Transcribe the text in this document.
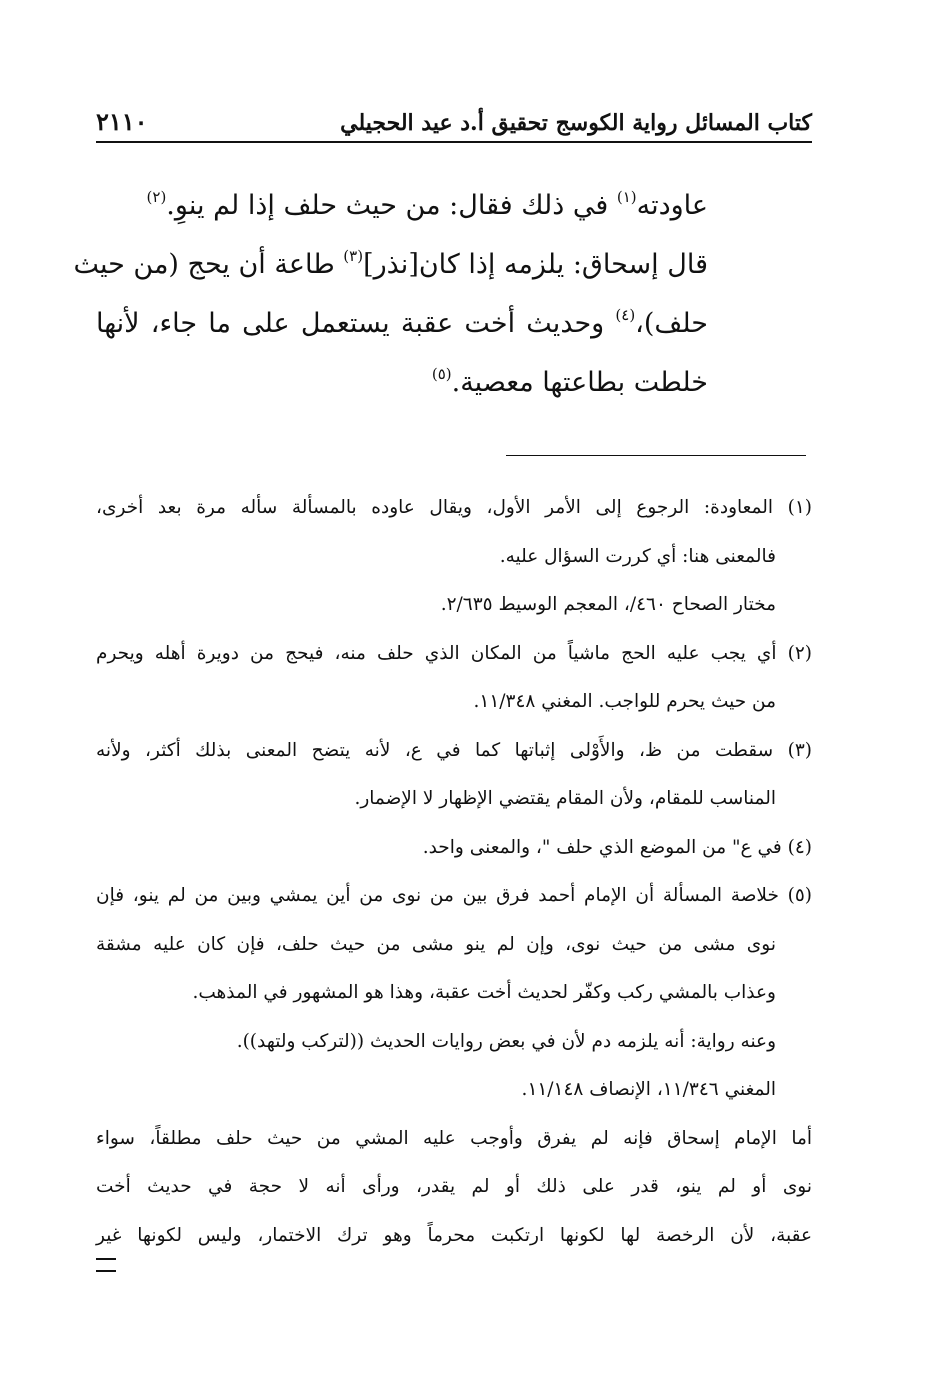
٢١١٠	كتاب المسائل رواية الكوسج تحقيق أ.د عيد الحجيلي
عاودته$^{(١)}$ في ذلك فقال: من حيث حلف إذا لم ينوِ.$^{(٢)}$
قال إسحاق: يلزمه إذا كان[نذر]$^{(٣)}$ طاعة أن يحج (من حيث
حلف)،$^{(٤)}$ وحديث أخت عقبة يستعمل على ما جاء، لأنها
خلطت بطاعتها معصية.$^{(٥)}$
(١) المعاودة: الرجوع إلى الأمر الأول، ويقال عاوده بالمسألة سأله مرة بعد أخرى،
فالمعنى هنا: أي كررت السؤال عليه.
مختار الصحاح ٤٦٠/، المعجم الوسيط ٢/٦٣٥.
(٢) أي يجب عليه الحج ماشياً من المكان الذي حلف منه، فيحج من دويرة أهله ويحرم
من حيث يحرم للواجب. المغني ١١/٣٤٨.
(٣) سقطت من ظ، والأَوْلى إثباتها كما في ع، لأنه يتضح المعنى بذلك أكثر، ولأنه
المناسب للمقام، ولأن المقام يقتضي الإظهار لا الإضمار.
(٤) في ع" من الموضع الذي حلف "، والمعنى واحد.
(٥) خلاصة المسألة أن الإمام أحمد فرق بين من نوى من أين يمشي وبين من لم ينو، فإن
نوى مشى من حيث نوى، وإن لم ينو مشى من حيث حلف، فإن كان عليه مشقة
وعذاب بالمشي ركب وكفّر لحديث أخت عقبة، وهذا هو المشهور في المذهب.
وعنه رواية: أنه يلزمه دم لأن في بعض روايات الحديث ((لتركب ولتهد)).
المغني ١١/٣٤٦، الإنصاف ١١/١٤٨.
أما الإمام إسحاق فإنه لم يفرق وأوجب عليه المشي من حيث حلف مطلقاً، سواء
نوى أو لم ينو، قدر على ذلك أو لم يقدر، ورأى أنه لا حجة في حديث أخت
عقبة، لأن الرخصة لها لكونها ارتكبت محرماً وهو ترك الاختمار، وليس لكونها غير
